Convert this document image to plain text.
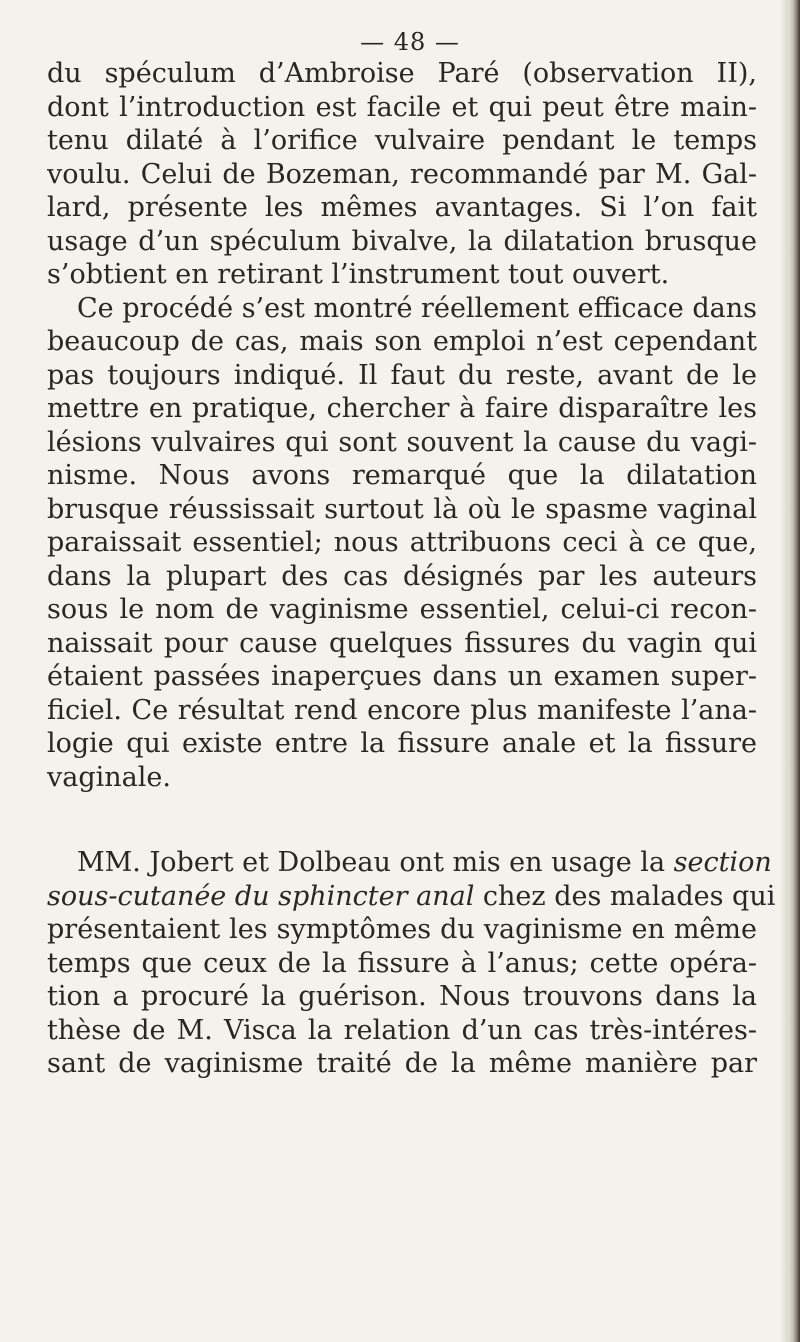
— 48 —
du spéculum d’Ambroise Paré (observation II),
dont l’introduction est facile et qui peut être main-
tenu dilaté à l’orifice vulvaire pendant le temps
voulu. Celui de Bozeman, recommandé par M. Gal-
lard, présente les mêmes avantages. Si l’on fait
usage d’un spéculum bivalve, la dilatation brusque
s’obtient en retirant l’instrument tout ouvert.
Ce procédé s’est montré réellement efficace dans
beaucoup de cas, mais son emploi n’est cependant
pas toujours indiqué. Il faut du reste, avant de le
mettre en pratique, chercher à faire disparaître les
lésions vulvaires qui sont souvent la cause du vagi-
nisme. Nous avons remarqué que la dilatation
brusque réussissait surtout là où le spasme vaginal
paraissait essentiel; nous attribuons ceci à ce que,
dans la plupart des cas désignés par les auteurs
sous le nom de vaginisme essentiel, celui-ci recon-
naissait pour cause quelques fissures du vagin qui
étaient passées inaperçues dans un examen super-
ficiel. Ce résultat rend encore plus manifeste l’ana-
logie qui existe entre la fissure anale et la fissure
vaginale.
MM. Jobert et Dolbeau ont mis en usage la section
sous-cutanée du sphincter anal chez des malades qui
présentaient les symptômes du vaginisme en même
temps que ceux de la fissure à l’anus; cette opéra-
tion a procuré la guérison. Nous trouvons dans la
thèse de M. Visca la relation d’un cas très-intéres-
sant de vaginisme traité de la même manière par
